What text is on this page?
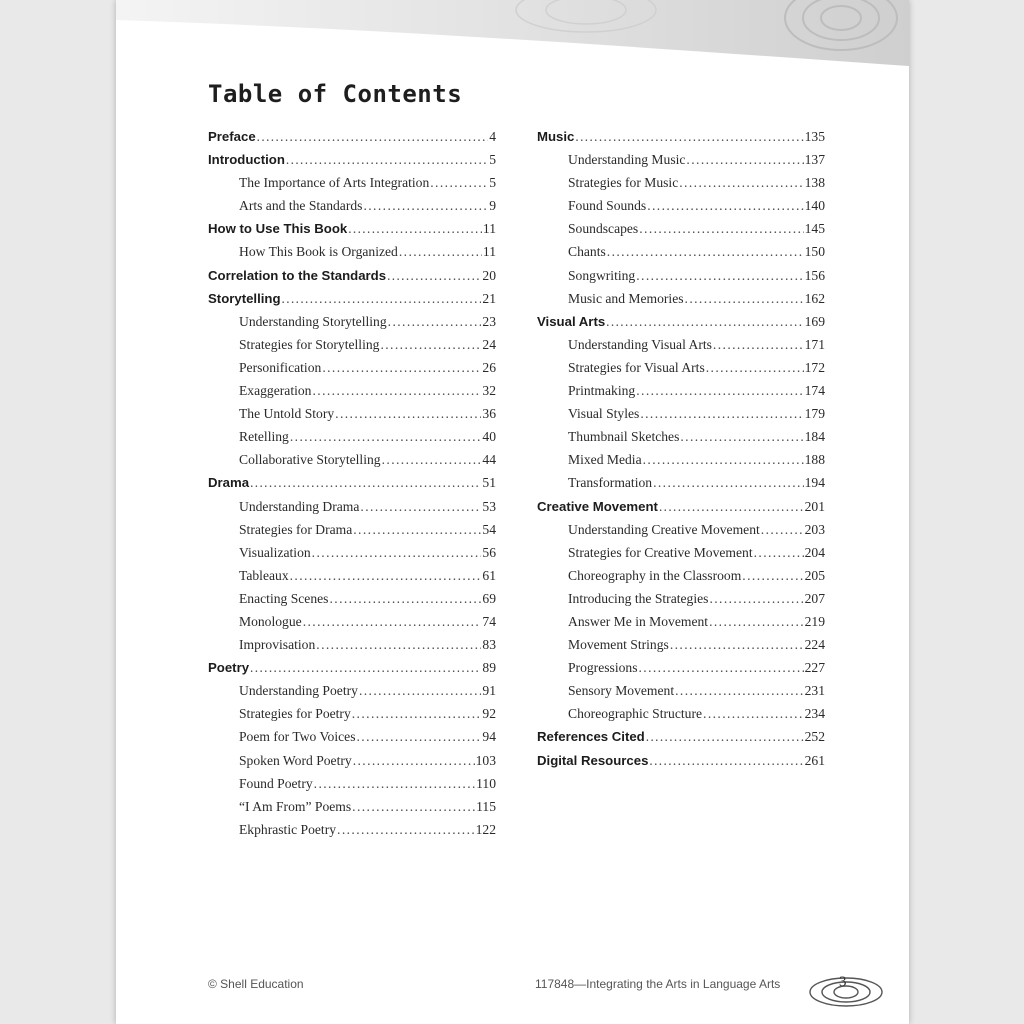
Table of Contents
Preface .....	4
Introduction .....	5
The Importance of Arts Integration .....	5
Arts and the Standards .....	9
How to Use This Book .....	11
How This Book is Organized .....	11
Correlation to the Standards .....	20
Storytelling .....	21
Understanding Storytelling .....	23
Strategies for Storytelling .....	24
Personification .....	26
Exaggeration .....	32
The Untold Story .....	36
Retelling .....	40
Collaborative Storytelling .....	44
Drama .....	51
Understanding Drama .....	53
Strategies for Drama .....	54
Visualization .....	56
Tableaux .....	61
Enacting Scenes .....	69
Monologue .....	74
Improvisation .....	83
Poetry .....	89
Understanding Poetry .....	91
Strategies for Poetry .....	92
Poem for Two Voices .....	94
Spoken Word Poetry .....	103
Found Poetry .....	110
“I Am From” Poems .....	115
Ekphrastic Poetry .....	122
Music .....	135
Understanding Music .....	137
Strategies for Music .....	138
Found Sounds .....	140
Soundscapes .....	145
Chants .....	150
Songwriting .....	156
Music and Memories .....	162
Visual Arts .....	169
Understanding Visual Arts .....	171
Strategies for Visual Arts .....	172
Printmaking .....	174
Visual Styles .....	179
Thumbnail Sketches .....	184
Mixed Media .....	188
Transformation .....	194
Creative Movement .....	201
Understanding Creative Movement .....	203
Strategies for Creative Movement .....	204
Choreography in the Classroom .....	205
Introducing the Strategies .....	207
Answer Me in Movement .....	219
Movement Strings .....	224
Progressions .....	227
Sensory Movement .....	231
Choreographic Structure .....	234
References Cited .....	252
Digital Resources .....	261
© Shell Education	117848—Integrating the Arts in Language Arts	3
